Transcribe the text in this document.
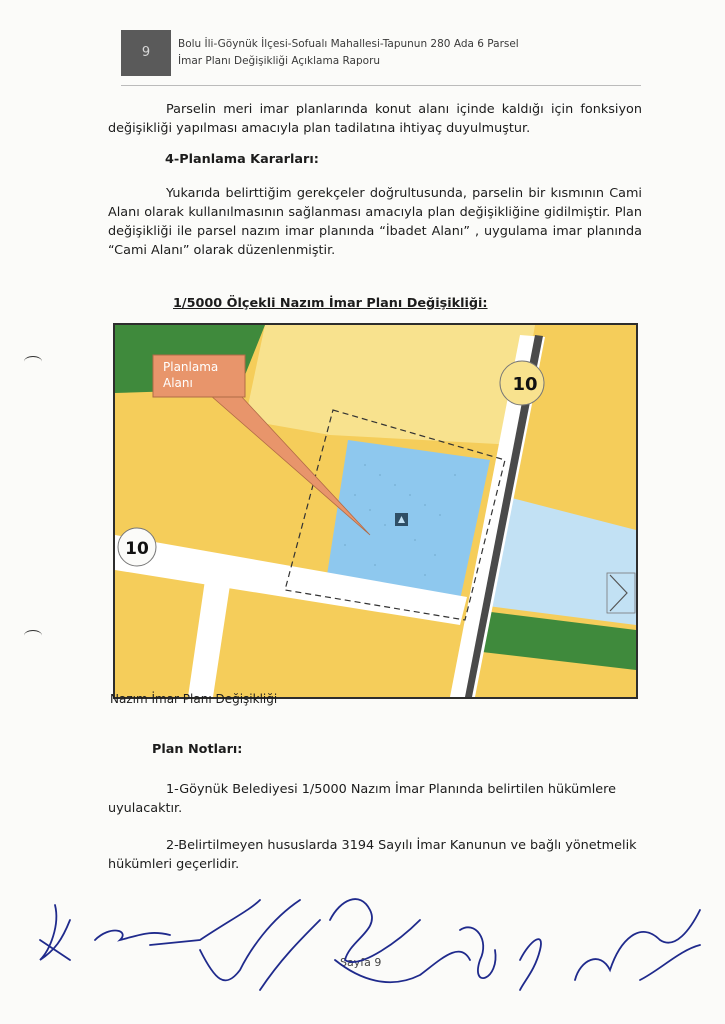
9
Bolu İli-Göynük İlçesi-Sofualı Mahallesi-Tapunun 280 Ada 6 Parsel
İmar Planı Değişikliği Açıklama Raporu

Parselin meri imar planlarında konut alanı içinde kaldığı için fonksiyon değişikliği yapılması amacıyla plan tadilatına ihtiyaç duyulmuştur.

4-Planlama Kararları:

Yukarıda belirttiğim gerekçeler doğrultusunda, parselin bir kısmının Cami Alanı olarak kullanılmasının sağlanması amacıyla plan değişikliğine gidilmiştir. Plan değişikliği ile parsel nazım imar planında “İbadet Alanı” , uygulama imar planında “Cami Alanı” olarak düzenlenmiştir.

1/5000 Ölçekli Nazım İmar Planı Değişikliği:

10
10
Planlama
Alanı

Nazım İmar Planı Değişikliği

Plan Notları:

1-Göynük Belediyesi 1/5000 Nazım İmar Planında belirtilen hükümlere uyulacaktır.

2-Belirtilmeyen hususlarda 3194 Sayılı İmar Kanunun ve bağlı yönetmelik hükümleri geçerlidir.

Sayfa 9
